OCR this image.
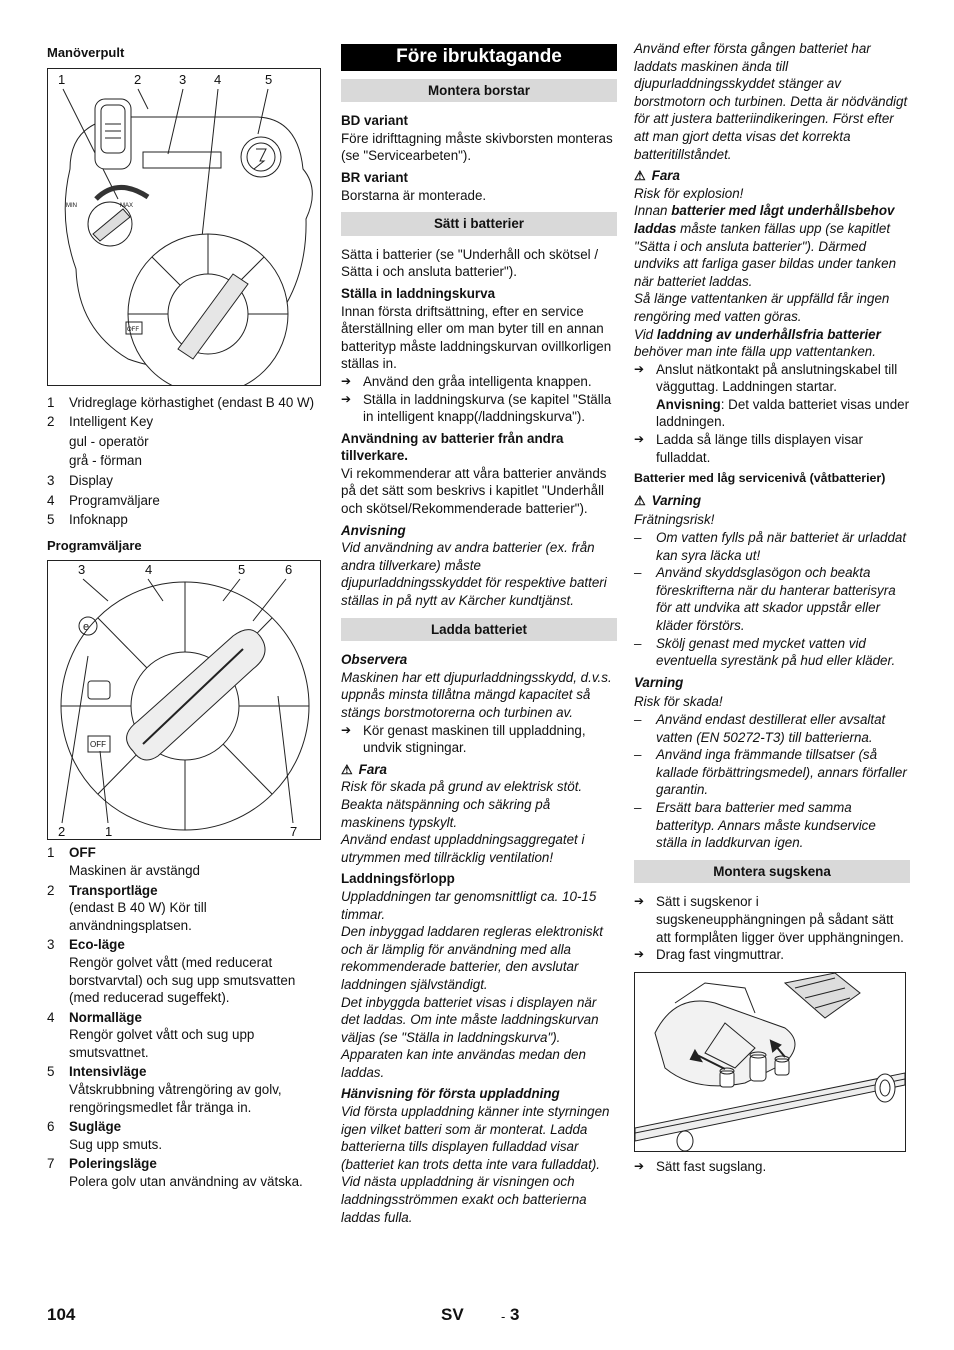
Manöverpult
1	2	3 4	5
MIN	MAX
OFF
1	Vridreglage körhastighet (endast B 40 W)
2	Intelligent Key
gul - operatör
grå - förman
3	Display
4	Programväljare
5	Infoknapp
Programväljare
3	4	5	6
2	1	7
OFF
e
1	OFF
Maskinen är avstängd
2	Transportläge
(endast B 40 W) Kör till användningsplatsen.
3	Eco-läge
Rengör golvet vått (med reducerat borstvarvtal) och sug upp smutsvatten (med reducerad sugeffekt).
4	Normalläge
Rengör golvet vått och sug upp smutsvattnet.
5	Intensivläge
Våtskrubbning våtrengöring av golv, rengöringsmedlet får tränga in.
6	Sugläge
Sug upp smuts.
7	Poleringsläge
Polera golv utan användning av vätska.
Före ibruktagande
Montera borstar
BD variant
Före idrifttagning måste skivborsten monteras (se "Servicearbeten").
BR variant
Borstarna är monterade.
Sätt i batterier
Sätta i batterier (se "Underhåll och skötsel / Sätta i och ansluta batterier").
Ställa in laddningskurva
Innan första driftsättning, efter en service återställning eller om man byter till en annan batterityp måste laddningskurvan ovillkorligen ställas in.
➔ Använd den gråa intelligenta knappen.
➔ Ställa in laddningskurva (se kapitel "Ställa in intelligent knapp(/laddningskurva").
Användning av batterier från andra tillverkare.
Vi rekommenderar att våra batterier används på det sätt som beskrivs i kapitlet "Underhåll och skötsel/Rekommenderade batterier").
Anvisning
Vid användning av andra batterier (ex. från andra tillverkare) måste djupurladdningsskyddet för respektive batteri ställas in på nytt av Kärcher kundtjänst.
Ladda batteriet
Observera
Maskinen har ett djupurladdningsskydd, d.v.s. uppnås minsta tillåtna mängd kapacitet så stängs borstmotorerna och turbinen av.
➔ Kör genast maskinen till uppladdning, undvik stigningar.
⚠ Fara
Risk för skada på grund av elektrisk stöt. Beakta nätspänning och säkring på maskinens typskylt.
Använd endast uppladdningsaggregatet i utrymmen med tillräcklig ventilation!
Laddningsförlopp
Uppladdningen tar genomsnittligt ca. 10-15 timmar.
Den inbyggad laddaren regleras elektroniskt och är lämplig för användning med alla rekommenderade batterier, den avslutar laddningen självständigt.
Det inbyggda batteriet visas i displayen när det laddas. Om inte måste laddningskurvan väljas (se "Ställa in laddningskurva"). Apparaten kan inte användas medan den laddas.
Hänvisning för första uppladdning
Vid första uppladdning känner inte styrningen igen vilket batteri som är monterat. Ladda batterierna tills displayen fulladdad visar (batteriet kan trots detta inte vara fulladdat). Vid nästa uppladdning är visningen och laddningsströmmen exakt och batterierna laddas fulla.
Använd efter första gången batteriet har laddats maskinen ända till djupurladdningsskyddet stänger av borstmotorn och turbinen. Detta är nödvändigt för att justera batteriindikeringen. Först efter att man gjort detta visas det korrekta batteritillståndet.
⚠ Fara
Risk för explosion!
Innan batterier med lågt underhållsbehov laddas måste tanken fällas upp (se kapitlet "Sätta i och ansluta batterier"). Därmed undviks att farliga gaser bildas under tanken när batteriet laddas.
Så länge vattentanken är uppfälld får ingen rengöring med vatten göras.
Vid laddning av underhållsfria batterier behöver man inte fälla upp vattentanken.
➔ Anslut nätkontakt på anslutningskabel till vägguttag. Laddningen startar.
Anvisning: Det valda batteriet visas under laddningen.
➔ Ladda så länge tills displayen visar fulladdat.
Batterier med låg servicenivå (våtbatterier)
⚠ Varning
Frätningsrisk!
–	Om vatten fylls på när batteriet är urladdat kan syra läcka ut!
–	Använd skyddsglasögon och beakta föreskrifterna när du hanterar batterisyra för att undvika att skador uppstår eller kläder förstörs.
–	Skölj genast med mycket vatten vid eventuella syrestänk på hud eller kläder.
Varning
Risk för skada!
–	Använd endast destillerat eller avsaltat vatten (EN 50272-T3) till batterierna.
–	Använd inga främmande tillsatser (så kallade förbättringsmedel), annars förfaller garantin.
–	Ersätt bara batterier med samma batterityp. Annars måste kundservice ställa in laddkurvan igen.
Montera sugskena
➔ Sätt i sugskenor i sugskeneupphängningen på sådant sätt att formplåten ligger över upphängningen.
➔ Drag fast vingmuttrar.
➔ Sätt fast sugslang.
104	SV	- 3
